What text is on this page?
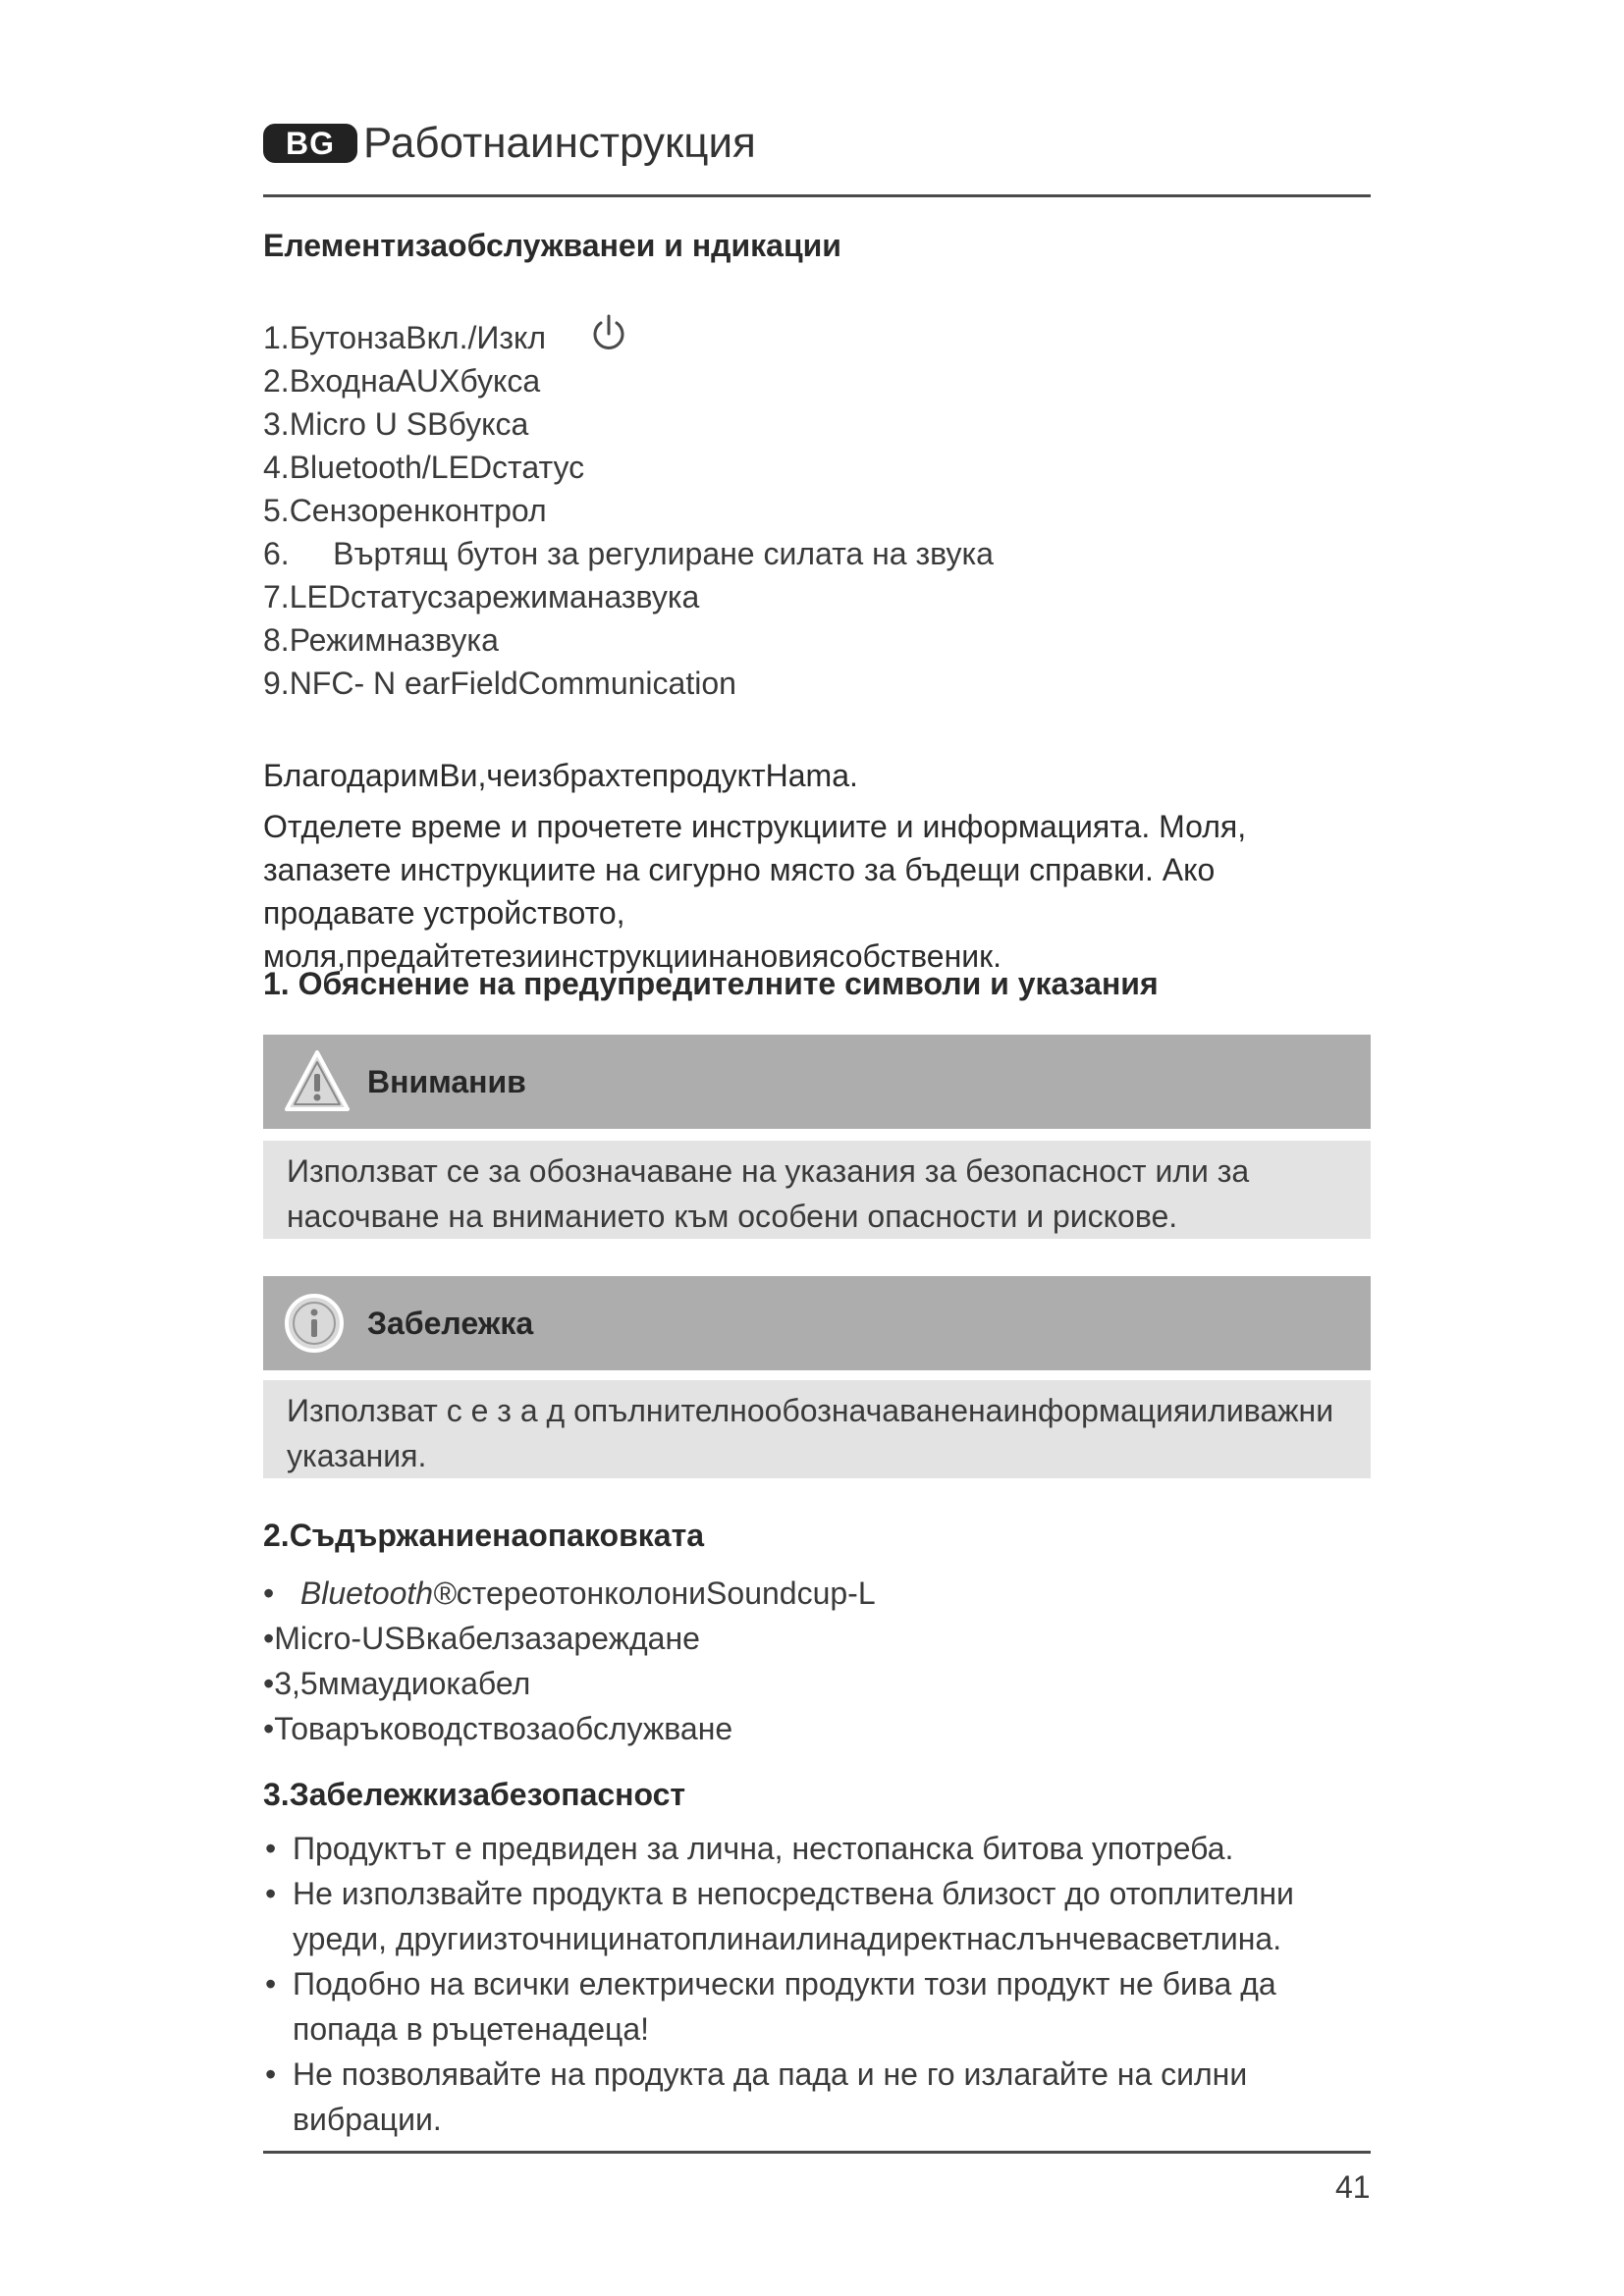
BG Работнаинструкция
Елементизаобслужванеи и ндикации
1.БутонзаВкл./Изкл
2.ВходнаAUXбукса
3.Micro U SBбукса
4.Bluetooth/LEDстатус
5.Сензоренконтрол
6.     Въртящ бутон за регулиране силата на звука
7.LEDстатусзарежиманазвука
8.Режимназвука
9.NFC- N earFieldCommunication
БлагодаримВи,чеизбрахтепродуктHama.
Отделете време и прочетете инструкциите и информацията. Моля, запазете инструкциите на сигурно място за бъдещи справки. Ако продавате устройството, моля,предайтетезиинструкциинановиясобственик.
1. Обяснение на предупредителните символи и указания
Вниманив
Използват се за обозначаване на указания за безопасност или за насочване на вниманието към особени опасности и рискове.
Забележка
Използват с е з а д опълнителнообозначаваненаинформацияиливажни указания.
2.Съдържаниенаопаковката
• Bluetooth®стереотонколониSoundcup-L
•Micro-USBкабелзазареждане
•3,5ммаудиокабел
•Товаръководствозаобслужване
3.Забележкизабезопасност
• Продуктът е предвиден за лична, нестопанска битова употреба.
• Не използвайте продукта в непосредствена близост до отоплителни уреди, другиизточницинатоплинаилинадиректнаслънчевасветлина.
• Подобно на всички електрически продукти този продукт не бива да попада в ръцетенадеца!
• Не позволявайте на продукта да пада и не го излагайте на силни вибрации.
41
